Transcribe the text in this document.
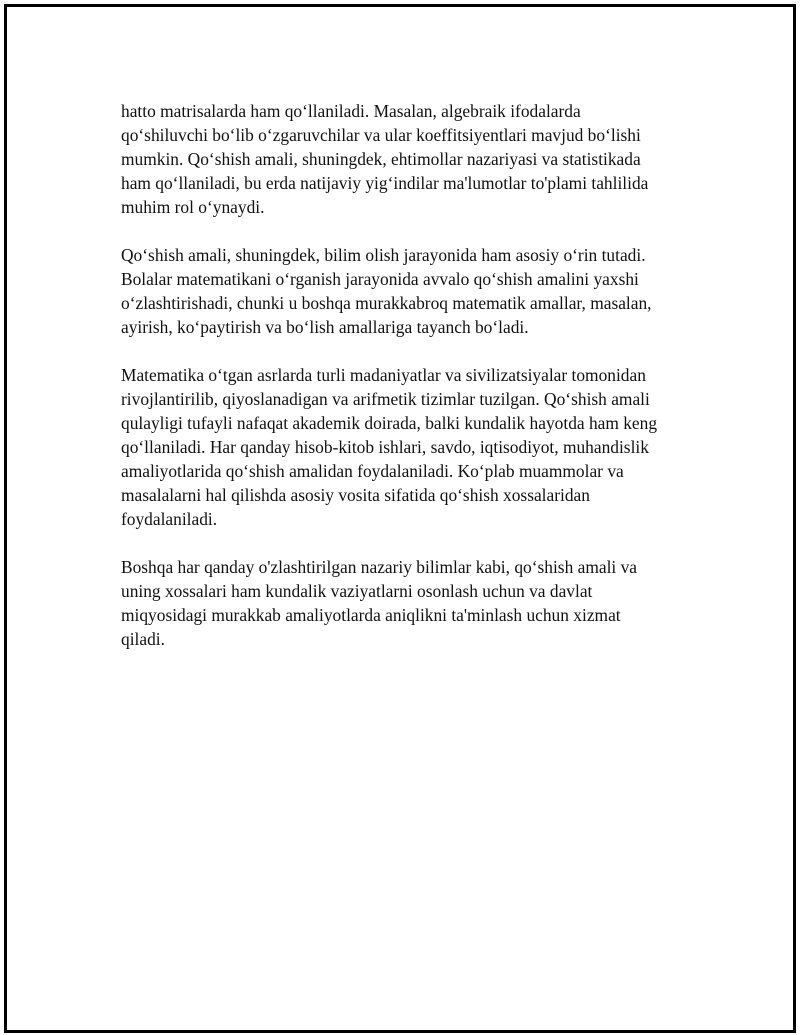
hatto matrisalarda ham qo‘llaniladi. Masalan, algebraik ifodalarda
qo‘shiluvchi bo‘lib o‘zgaruvchilar va ular koeffitsiyentlari mavjud bo‘lishi
mumkin. Qo‘shish amali, shuningdek, ehtimollar nazariyasi va statistikada
ham qo‘llaniladi, bu erda natijaviy yig‘indilar ma'lumotlar to'plami tahlilida
muhim rol o‘ynaydi.

Qo‘shish amali, shuningdek, bilim olish jarayonida ham asosiy o‘rin tutadi.
Bolalar matematikani o‘rganish jarayonida avvalo qo‘shish amalini yaxshi
o‘zlashtirishadi, chunki u boshqa murakkabroq matematik amallar, masalan,
ayirish, ko‘paytirish va bo‘lish amallariga tayanch bo‘ladi.

Matematika o‘tgan asrlarda turli madaniyatlar va sivilizatsiyalar tomonidan
rivojlantirilib, qiyoslanadigan va arifmetik tizimlar tuzilgan. Qo‘shish amali
qulayligi tufayli nafaqat akademik doirada, balki kundalik hayotda ham keng
qo‘llaniladi. Har qanday hisob-kitob ishlari, savdo, iqtisodiyot, muhandislik
amaliyotlarida qo‘shish amalidan foydalaniladi. Ko‘plab muammolar va
masalalarni hal qilishda asosiy vosita sifatida qo‘shish xossalaridan
foydalaniladi.

Boshqa har qanday o'zlashtirilgan nazariy bilimlar kabi, qo‘shish amali va
uning xossalari ham kundalik vaziyatlarni osonlash uchun va davlat
miqyosidagi murakkab amaliyotlarda aniqlikni ta'minlash uchun xizmat
qiladi.
